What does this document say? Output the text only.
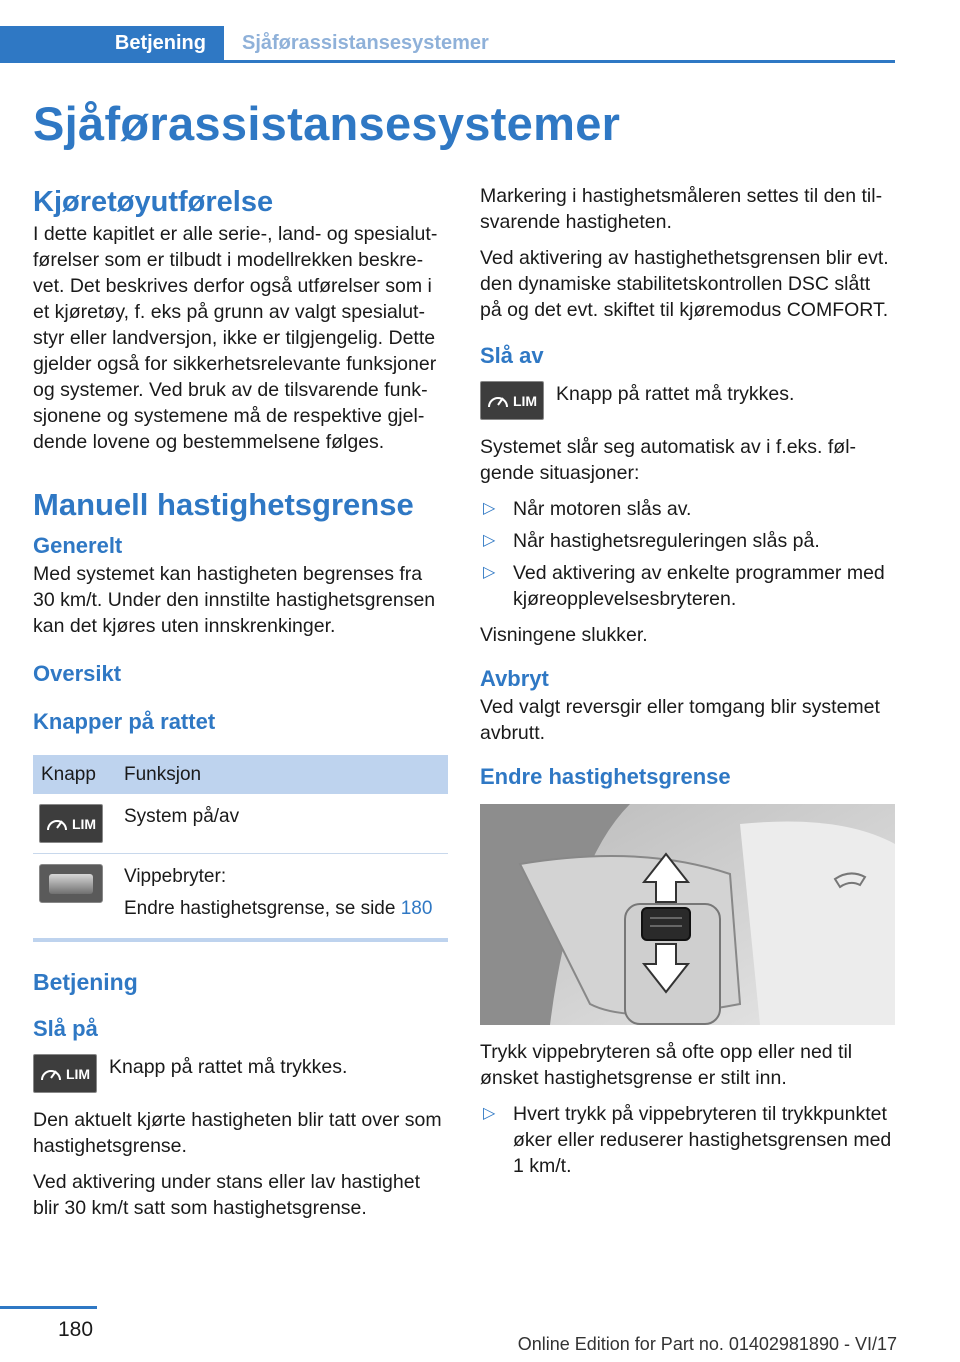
Betjening	Sjåførassistansesystemer
Sjåførassistansesystemer
Kjøretøyutførelse

I dette kapitlet er alle serie-, land- og spesialutførelser som er tilbudt i modellrekken beskrevet. Det beskrives derfor også utførelser som i et kjøretøy, f. eks på grunn av valgt spesialutstyr eller landversjon, ikke er tilgjengelig. Dette gjelder også for sikkerhetsrelevante funksjoner og systemer. Ved bruk av de tilsvarende funksjonene og systemene må de respektive gjeldende lovene og bestemmelsene følges.

Manuell hastighetsgrense
Generelt

Med systemet kan hastigheten begrenses fra 30 km/t. Under den innstilte hastighetsgrensen kan det kjøres uten innskrenkinger.

Oversikt
Knapper på rattet
Knapp	Funksjon

LIM	System på/av

	Vippebryter:
Endre hastighetsgrense, se side 180
Betjening
Slå på
LIM Knapp på rattet må trykkes.

Den aktuelt kjørte hastigheten blir tatt over som hastighetsgrense.

Ved aktivering under stans eller lav hastighet blir 30 km/t satt som hastighetsgrense.

Markering i hastighetsmåleren settes til den tilsvarende hastigheten.

Ved aktivering av hastighethetsgrensen blir evt. den dynamiske stabilitetskontrollen DSC slått på og det evt. skiftet til kjøremodus COMFORT.

Slå av
LIM Knapp på rattet må trykkes.

Systemet slår seg automatisk av i f.eks. følgende situasjoner:

▷ Når motoren slås av.
▷ Når hastighetsreguleringen slås på.
▷ Ved aktivering av enkelte programmer med kjøreopplevelsesbryteren.

Visningene slukker.

Avbryt

Ved valgt reversgir eller tomgang blir systemet avbrutt.

Endre hastighetsgrense

Trykk vippebryteren så ofte opp eller ned til ønsket hastighetsgrense er stilt inn.

▷ Hvert trykk på vippebryteren til trykkpunktet øker eller reduserer hastighetsgrensen med 1 km/t.
180
Online Edition for Part no. 01402981890 - VI/17
